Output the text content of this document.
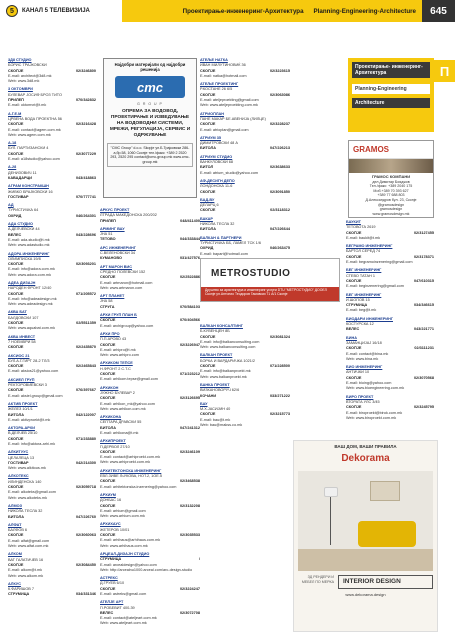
5	КАНАЛ 5 ТЕЛЕВИЗИЈА	Проектирање-инженеринг-Архитектура Planning-Engineering-Architecture	645
П
3Д8 СТУДИО
БОРИС ТРАЈКОВСКИ
СКОПЈЕ	02/3246800
E-mail: architect@3d8.mk
Web: www.3d8.mk
3 ОКТОМВРИ
БУЛЕВАР ЈОСИФ БРОЗ ТИТО
ПРИЛЕП	070/342832
E-mail: oktomvri@t.mk
А.Г.Е.М
ЦРВЕНА ВОДА ПРОЕКТНА 56
СКОПЈЕ	02/3216428
E-mail: contact@agem.com.mk
Web: www.agem.com.mk
А-18
БУЛ. ПАРТИЗАНСКИ 4
СКОПЈЕ	02/3077229
E-mail: a18studio@yahoo.com
А-28
ДЕНИЗОВИЧ 11
КАВАДАРЦИ	043/418863
АГРАМ КОНСТРАКШН
ЖИВКО БРАЈКОВСКИ 16
ГОСТИВАР	070/777741
АД
ТУРИСТИЧКА 64
ОХРИД	046/264301
АДА СТУДИО
А.ДЕЛЧЕВСКИ 44
ВЕЛЕС	043/228696
E-mail: ada-studio@t.mk
Web: www.adastudio.mk
АДОРА ИНЖЕНЕРИНГ
ОЛИМПИСКА 19/8
СКОПЈЕ	02/3093201
E-mail: info@adora.com.mk
Web: www.adora.com.mk
АДЕА ДИЗАЈН
НАРОДЕН ФРОНТ 12/40
СКОПЈЕ	071/205572
E-mail: info@adeadesign.mk
Web: www.adeadesign.mk
АКВА БАТ
БАЛДОВСКИ 107
СКОПЈЕ	02/5511359
Web: www.aquabat.com.mk
АКВА ИНВЕСТ
7 НОЕМВРИ 58
СКОПЈЕ	02/2435870
АКСИОС 21
БУЛ.А.Г.ГИРТ 28-2 ТЛ/3
СКОПЈЕ	02/2465843
E-mail: aksios21@yahoo.com
АКСИЕЛ ГРУП
РЕКТОРОВИЕВСКИ 3
СКОПЈЕ	076/397667
E-mail: aksiel.group@gmail.com
АКТИВ ПРОЕКТ
ЖЕЛЕЗ 10/1/1
БИТОЛА	042/122007
E-mail: aktivproekt@t.mk
АКТОРА-АРХИ
В.ДЕЛЧЕВ 25/10
СКОПЈЕ	071/233880
E-mail: info@aktora-arhi.mk
АЛКИТУУС
ЦЕЛАЛЕЦА 13
ГОСТИВАР	042/214300
Web: www.alkitous.mk
АЛКОТЕКС
ИЛИНДЕНСКА 140
СКОПЈЕ	02/3059718
E-mail: alkoteks@gmail.com
Web: www.alkoteks.mk
АЛМОЗ
НИКОЛА ТЕСЛА 32
БИТОЛА	047/226760
АЛФАТ
БАЛФОВ 6
СКОПЈЕ	02/3060063
E-mail: alfat@gmail.com
Web: www.alfat.com.mk
АЛКОМ
ВАТ ГАЛАТИЧЕВ 16
СКОПЈЕ	02/3084450
E-mail: alkom@t.mk
Web: www.alkom.mk
АЛКУС
К.ФАРИШОВ 7
СТРУМИЦА	034/331346
Најдобри материјали од најдобри решенија
cmc
G R O U P
ОПРЕМА ЗА ВОДОВОД, ПРОЕКТИРАЊЕ И ИЗВЕДУВАЊЕ НА ВОДОВОДНИ СИСТЕМИ, МРЕЖИ, РЕГУЛАЦИЈА, СЕРВИС И ОДРЖУВАЊЕ
"CMC Group" d.o.o. Skopje ул.Б.Трајковски 286-а,бр.58, 1060 Скопје тел./факс: +389 2 2520 293, 2520 295 contact@cmc-group.mk www.cmc-group.mk
АРКУС ПРОЕКТ
ЛТРАДА МАКЕДОНСКА 200/202
ПРИЛЕП	048/411400
АРМИНГ ВАУ
ЈНА 51
ТЕТОВО	044/333844
АРС ИНЖЕНЕРИНГ
С.ВЕЛЕНОВСКИ 34
КУМАНОВО	031/427576
АРТ МАРОН ВИС
СРЕДНО ПОЛЕВСКИ 152
СКОПЈЕ	02/2522886
E-mail: artmaron@hotmail.com
Web: www.artmaron.com
АРТ ПЛАНЕТ
ЈНА 58
СТРУГА	070/584103
АРХИ ГРУП ПЛАН Б
СКОПЈЕ	070/404566
E-mail: archigroup@yahoo.com
АРХИ ПРО
П.П.АРОВО 43
СКОПЈЕ	02/3226947
E-mail: arhipro@t.mk
Web: www.arhipro.com
АРХИКОМ ТЕПСЕ
Н.ФРОНТ 2 С.Т.С
СКОПЈЕ	071/223212
E-mail: arhikom.tepse@gmail.com
АРХИКОН
ЈУЖНО БУЛЕВАР 2
СКОПЈЕ	02/3126695
E-mail: arhikon_mk@yahoo.com
Web: www.arhikon.com.mk
АРХИКОНА
СЕПТАРА ДРАВСКИ 55
БИТОЛА	047/241312
E-mail: arhikona@t.mk
АРХИПРОЕКТ
П.ДЕРВОЛ 27/10
СКОПЈЕ	02/3246109
E-mail: contact@arhiproekt.com.mk
Web: www.arhiproekt.com.mk
АРХИТЕКТОНСКА ИНЖЕНЕРИНГ
ЕВЛ.ЗИВЕ ЉУКОВА, НОТ.2, 1ОЕ.5
СКОПЈЕ	02/3468538
E-mail: arhitektonska.inzenering@yahoo.com
АРХИУМ
ДОНБАС 16
СКОПЈЕ	02/3132208
E-mail: arhium@gmail.com
Web: www.arhium.com.mk
АРХИХАУС
ЖЕТЕРОВ 10/01
СКОПЈЕ	02/3035533
E-mail: arhihaus@arhihaus.com.mk
Web: www.arhihaus.com.mk
АРЦЕАЛ-ДИЗАЈН СТУДИО
СТРУМИЦА	/
E-mail: arcealdesign@yahoo.com
Web: http://arcealnu1000.arceal.com/arc-design-studio
АСТРЕКС
Д.ГРУЕВ 6/10
СКОПЈЕ	02/3224247
E-mail: astreks@gmail.com
АТЕЛЈЕ АРТ
П.РОБЕВИТ 400-39
ВЕЛЕС	02/3072708
E-mail: contact@ateljeart.com.mk
Web: www.ateljeart.com.mk
АТЕЉЕ НАТКА
ИВАН МИЛУТИНОВИЌ 36
СКОПЈЕ	02/3223615
E-mail: natka@hotmail.com
АТЕЉЕ ПРОЕКТИНГ
Р.КОСТАНЕ 26 6/5
СКОПЈЕ	02/3063086
E-mail: ateljeproekting@gmail.com
Web: www.ateljeproekting.com.mk
АТРИОПЛАН
ПАНЕ МАКАР БЕ.АВЕНИЈА (ЛИЛЦЕ)
СКОПЈЕ	02/3228237
E-mail: atrioplan@gmail.com
АТРИУМ 35
ДИМИТРОВСКИ 48 А
БИТОЛА	047/226213
АТРИУМ СТУДИО
ВАНКУЛОВСКИ 68
БИТОЛ	02/3638633
E-mail: atrium_studio@yahoo.com
АФ-ДЕСИГН ДЕПО
ЛОНДОНСКА 11-6
СКОПЈЕ	02/3091850
БАД-ВУ
ДЕЛАРЦ 6
СКОПЈЕ	02/3118312
БАКАР
НИКОЛА ТЕСЛА 32
БИТОЛА	047/226644
БАЛКАН & ПАРТНЕРИ
ТУРИСТИЧКА ББ, ЛАМЕЛ ТСК 1/6
ОХРИД	046/263475
E-mail: bapart@hotmail.com
METROSTUDIO
Друштво за архитектура и инженеринг услуги DTU "МЕТРОСТУДИО" ДООЕЛ Скопје ул.Антонио Теодоров Гамовски 71 А/1 Скопје
БАЛКАН КОНСАЛТИНГ
Б.КУВЕНЦЕН 8Б
СКОПЈЕ	02/3081324
E-mail: info@balkanconsulting.com
Web: www.balkanconsulting.com
БАЛКАН ПРОЕКТ
БОРКА И ВАРДАРИЧКА 1021/2
СКОПЈЕ	071/228500
E-mail: info@balkanproekt.mk
Web: www.balkanproekt.mk
БАНКА ПРОЕКТ
ВИЗКАНОВОРУЧ 62/6
КОЧАНИ	033/271222
БАУ
М.Х.ЈАСИЈИН 40
СКОПЈЕ	02/3215773
E-mail: bau@t.mk
Web: bau@makss.co.mk
Проектирање- инженеринг-Архитектура
Planning-Engineering
Architecture
GRAMOS
ГРАМОС КОМПАНИ
дел Димитар Бояджов
Тел./факс: +389 2040 175
Моб.+389 70 393 627
+389 77 688 803
Д.Александров бул. 23, Скопје
@gramosdesign
gramosdesign
www.gramosdesign.mk
БАУКИТ
ТЕТОВОТА 2619
СКОПЈЕ	02/3127455
E-mail: baukit@t.mk
БЕГРАМО ИНЖЕНЕРИНГ
БАРТОЛ СЕРЕД 74
СКОПЈЕ	02/3178371
E-mail: begramoinzenering@gmail.com
БЕГ ИНЖЕНЕРИНГ
СТЕВО ТАТАН 1
СКОПЈЕ	047/610315
E-mail: beginzenering@gmail.com
БЕГ ИНЖЕНЕРИНГ
И.ШОПОВ 15
СТРУМИЦА	034/346615
E-mail: beg@t.mk
БИОДАРИ ИНЖЕНЕРИНГ
КОСТУРСКА 12
ВЕЛЕС	043/221771
БИНА
ЗАМАНЦИЈАЈ 16/18
СКОПЈЕ	02/3111231
E-mail: contact@bina.mk
Web: www.bina.mk
БИО ИНЖЕНЕРИНГ
АНТИЧКИ 10
СКОПЈЕ	02/3070568
E-mail: bioing@yahoo.com
Web: www.bioengineering.com.mk
БИРО ПРОЕКТ
ВТОРАТА УЛС 3/45
СКОПЈЕ	02/3245795
E-mail: biroproekt@birok.com.mk
Web: www.biroproekt.com.mk
ВАШ ДОМ, ВАШИ ПРАВИЛА
Dekorama
ЗД РЕНДЕРИ И МЕБЕЛ ПО МЕРКА	INTERIOR DESIGN
www.dekorama.design
